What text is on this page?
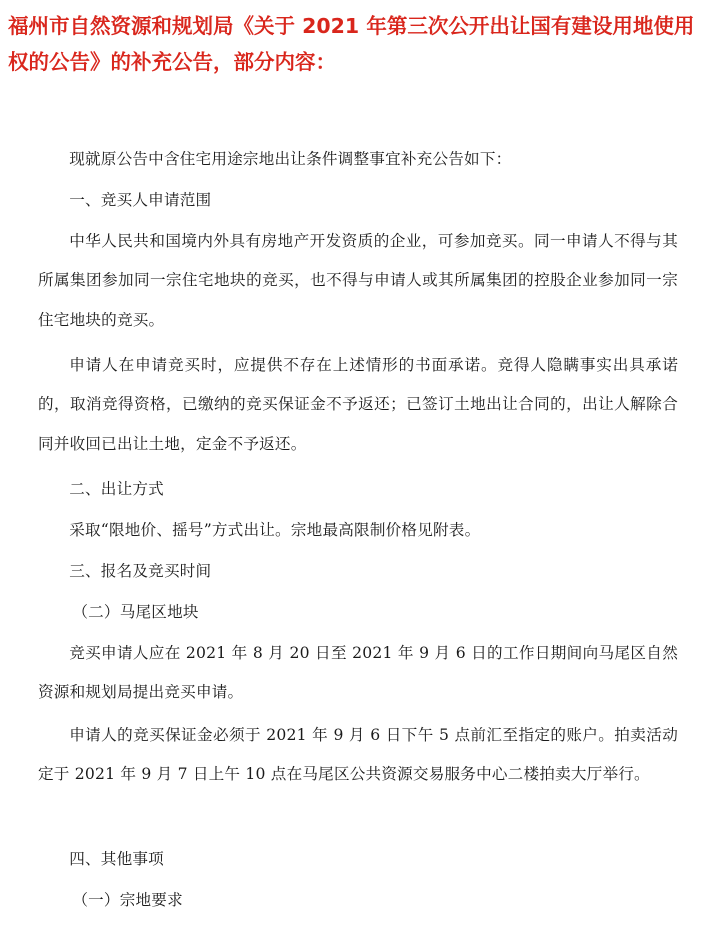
福州市自然资源和规划局《关于 2021 年第三次公开出让国有建设用地使用权的公告》的补充公告，部分内容：

现就原公告中含住宅用途宗地出让条件调整事宜补充公告如下：

一、竞买人申请范围

中华人民共和国境内外具有房地产开发资质的企业，可参加竞买。同一申请人不得与其所属集团参加同一宗住宅地块的竞买，也不得与申请人或其所属集团的控股企业参加同一宗住宅地块的竞买。

申请人在申请竞买时，应提供不存在上述情形的书面承诺。竞得人隐瞒事实出具承诺的，取消竞得资格，已缴纳的竞买保证金不予返还；已签订土地出让合同的，出让人解除合同并收回已出让土地，定金不予返还。

二、出让方式

采取“限地价、摇号”方式出让。宗地最高限制价格见附表。

三、报名及竞买时间

（二）马尾区地块

竞买申请人应在 2021 年 8 月 20 日至 2021 年 9 月 6 日的工作日期间向马尾区自然资源和规划局提出竞买申请。

申请人的竞买保证金必须于 2021 年 9 月 6 日下午 5 点前汇至指定的账户。拍卖活动定于 2021 年 9 月 7 日上午 10 点在马尾区公共资源交易服务中心二楼拍卖大厅举行。

四、其他事项

（一）宗地要求
